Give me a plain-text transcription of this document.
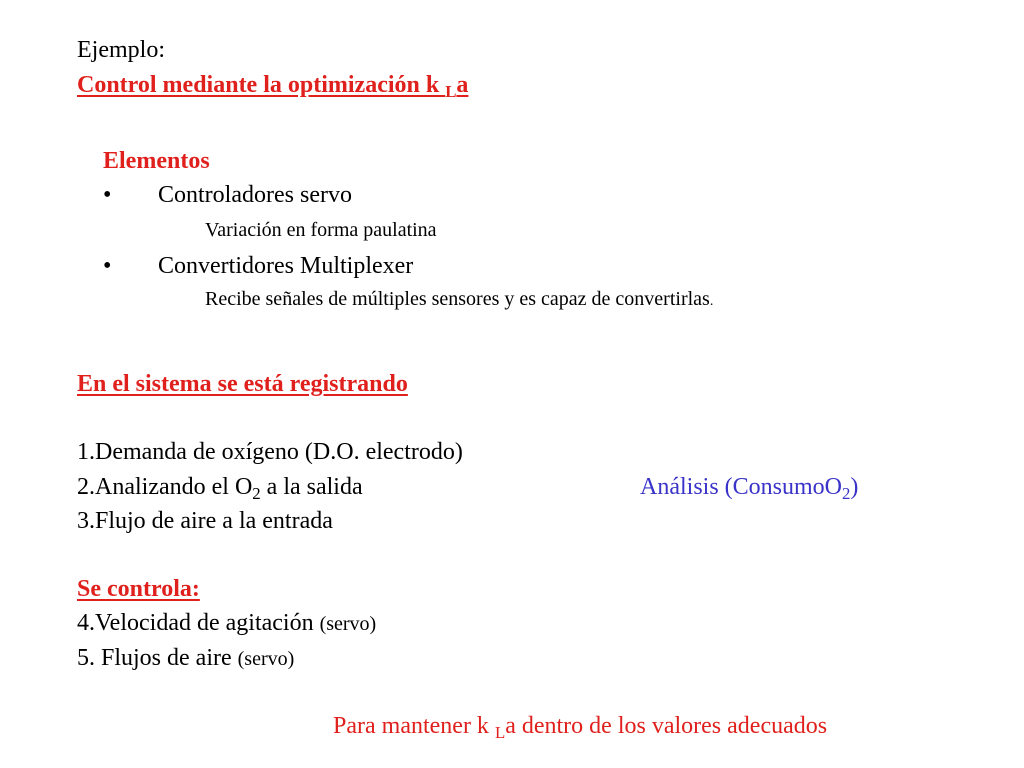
Ejemplo:

Control mediante la optimización k $_L$a

Elementos

• Controladores servo

Variación en forma paulatina

• Convertidores Multiplexer

Recibe señales de múltiples sensores y es capaz de convertirlas.

En el sistema se está registrando

1.Demanda de oxígeno (D.O. electrodo)

2.Analizando el $O_2$ a la salida	Análisis (ConsumoO$_2$)

3.Flujo de aire a la entrada

Se controla:

4.Velocidad de agitación (servo)

5. Flujos de aire (servo)

Para mantener k $_L$a dentro de los valores adecuados
